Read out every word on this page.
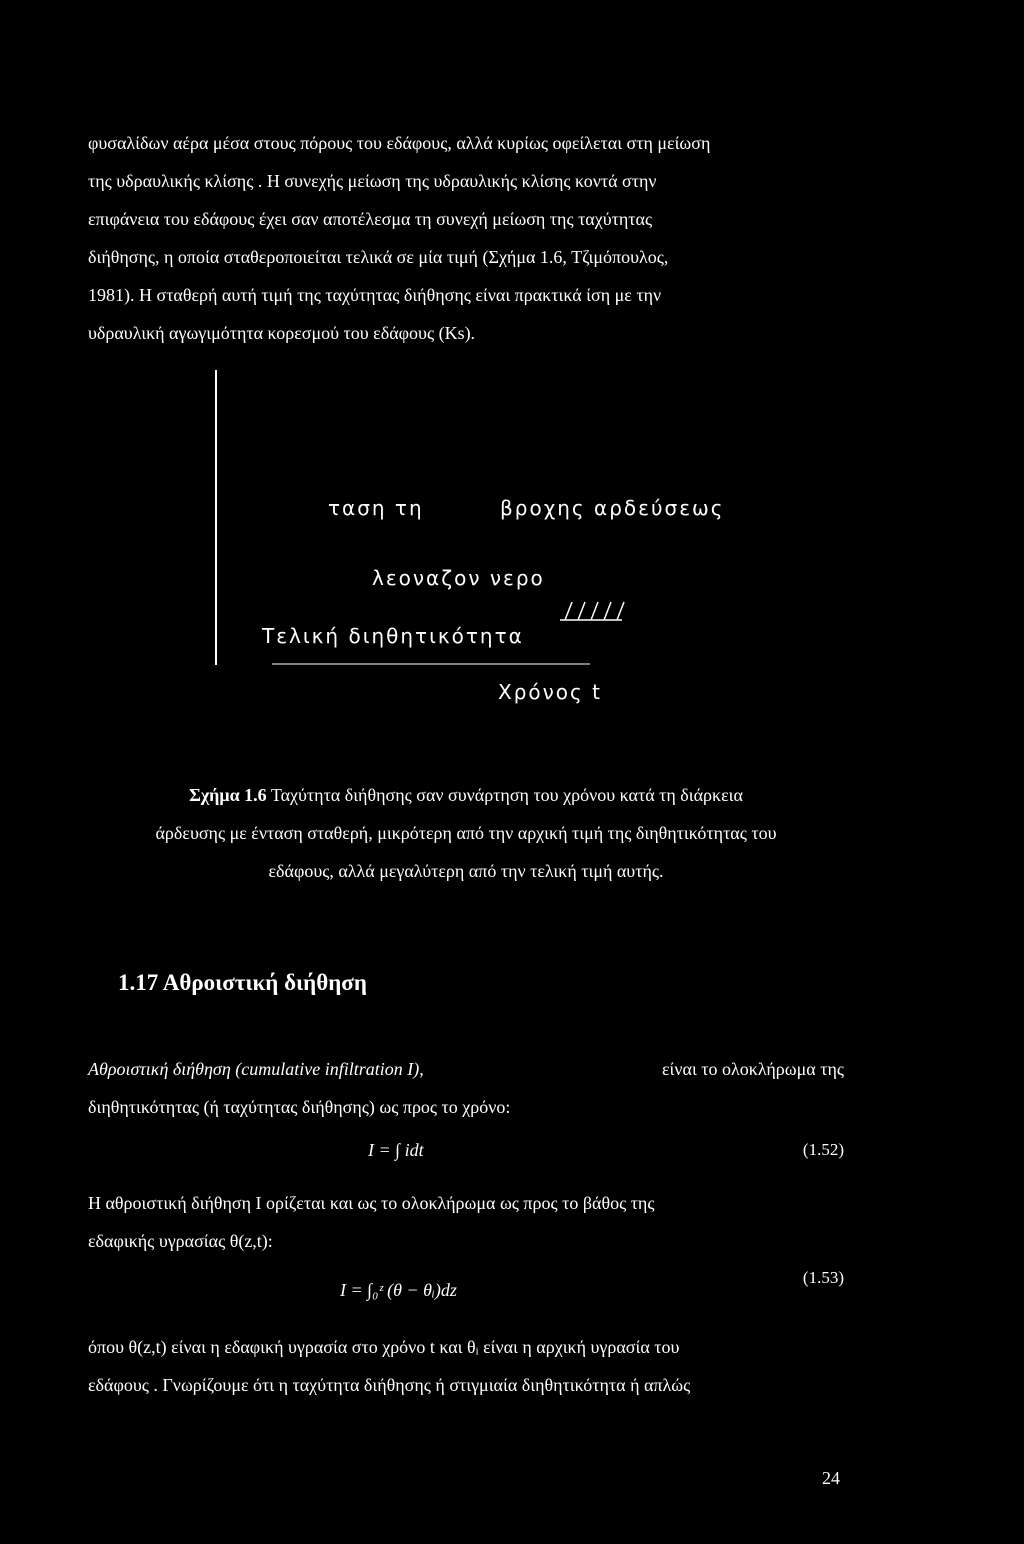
φυσαλίδων αέρα μέσα στους πόρους του εδάφους, αλλά κυρίως οφείλεται στη μείωση
της υδραυλικής κλίσης . Η συνεχής μείωση της υδραυλικής κλίσης κοντά στην
επιφάνεια του εδάφους έχει σαν αποτέλεσμα τη συνεχή μείωση της ταχύτητας
διήθησης, η οποία σταθεροποιείται τελικά σε μία τιμή (Σχήμα 1.6, Τζιμόπουλος,
1981). Η σταθερή αυτή τιμή της ταχύτητας διήθησης είναι πρακτικά ίση με την
υδραυλική αγωγιμότητα κορεσμού του εδάφους (Ks).
ταση τη	βροχης αρδεύσεως
λεοναζον νερο
Τελική διηθητικότητα
Χρόνος t
Σχήμα 1.6 Ταχύτητα διήθησης σαν συνάρτηση του χρόνου κατά τη διάρκεια
άρδευσης με ένταση σταθερή, μικρότερη από την αρχική τιμή της διηθητικότητας του
εδάφους, αλλά μεγαλύτερη από την τελική τιμή αυτής.
1.17 Αθροιστική διήθηση
Αθροιστική διήθηση (cumulative infiltration I),	είναι το ολοκλήρωμα της
διηθητικότητας (ή ταχύτητας διήθησης) ως προς το χρόνο:
I = ∫ idt	(1.52)
Η αθροιστική διήθηση I ορίζεται και ως το ολοκλήρωμα ως προς το βάθος της
εδαφικής υγρασίας θ(z,t):
I = ∫₀ᶻ (θ − θᵢ)dz
(1.53)
όπου θ(z,t) είναι η εδαφική υγρασία στο χρόνο t και θᵢ είναι η αρχική υγρασία του
εδάφους . Γνωρίζουμε ότι η ταχύτητα διήθησης ή στιγμιαία διηθητικότητα ή απλώς
24
